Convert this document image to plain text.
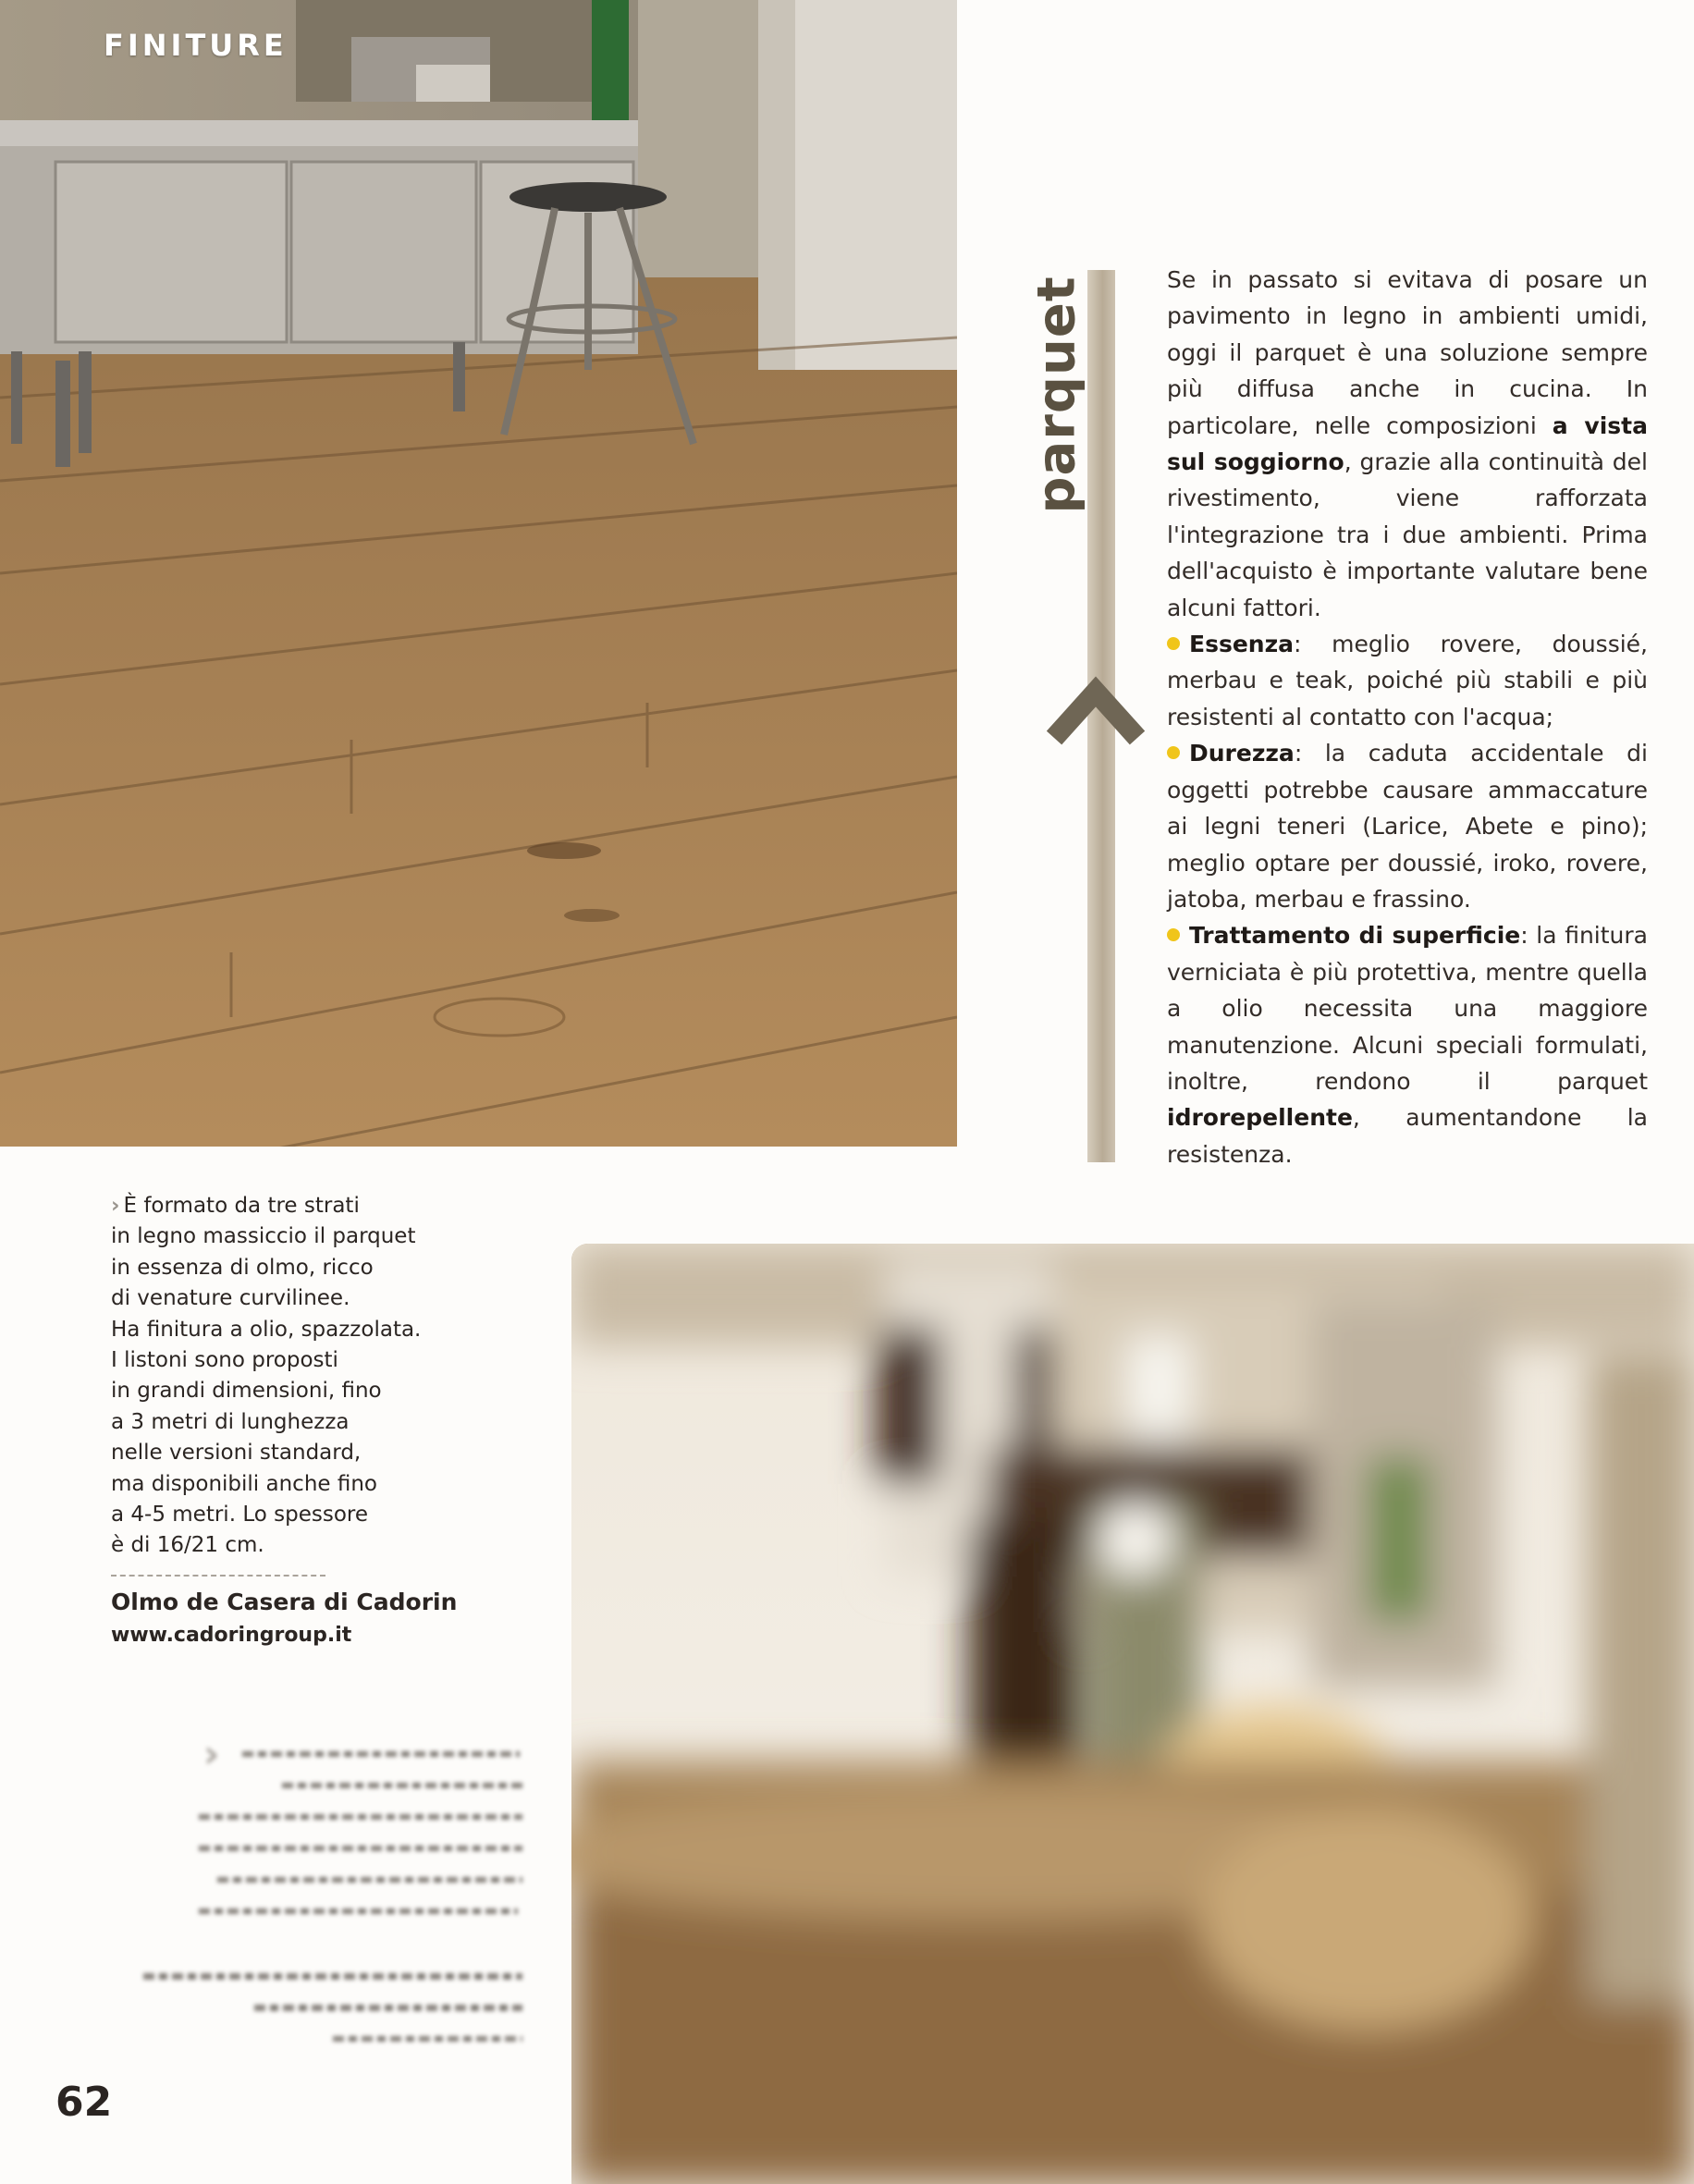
FINITURE
parquet	Se in passato si evitava di posare un pavimento in legno in ambienti umidi, oggi il parquet è una soluzione sempre più diffusa anche in cucina. In particolare, nelle composizioni a vista sul soggiorno, grazie alla continuità del rivestimento, viene rafforzata l'integrazione tra i due ambienti. Prima dell'acquisto è importante valutare bene alcuni fattori.

Essenza: meglio rovere, doussié, merbau e teak, poiché più stabili e più resistenti al contatto con l'acqua;

Durezza: la caduta accidentale di oggetti potrebbe causare ammaccature ai legni teneri (Larice, Abete e pino); meglio optare per doussié, iroko, rovere, jatoba, merbau e frassino.

Trattamento di superficie: la finitura verniciata è più protettiva, mentre quella a olio necessita una maggiore manutenzione. Alcuni speciali formulati, inoltre, rendono il parquet idrorepellente, aumentandone la resistenza.

› È formato da tre strati
in legno massiccio il parquet
in essenza di olmo, ricco
di venature curvilinee.
Ha finitura a olio, spazzolata.
I listoni sono proposti
in grandi dimensioni, fino
a 3 metri di lunghezza
nelle versioni standard,
ma disponibili anche fino
a 4-5 metri. Lo spessore
è di 16/21 cm.
Olmo de Casera di Cadorin
www.cadoringroup.it
›
62
